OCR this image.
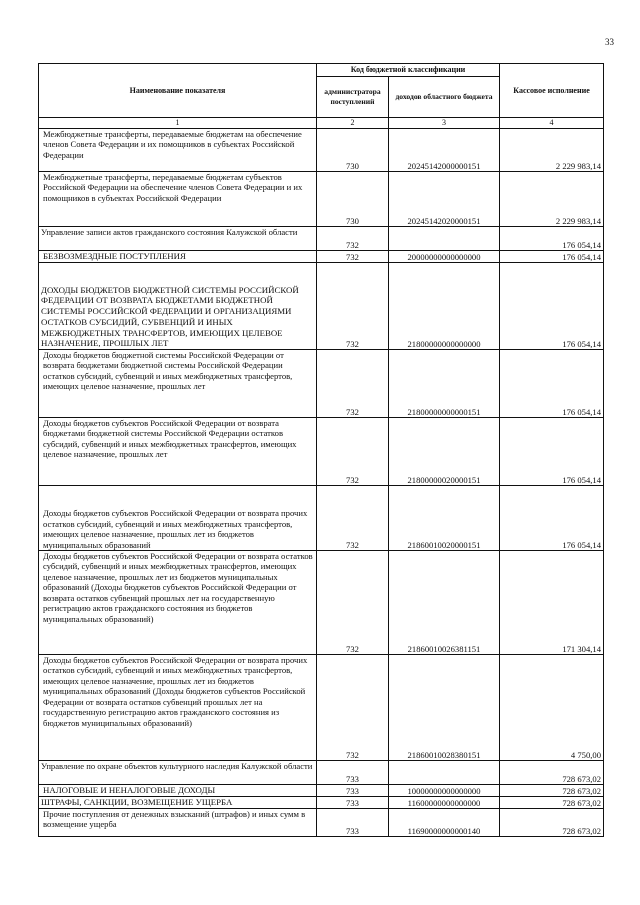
33
Наименование показателя	Код бюджетной классификации		Кассовое исполнение
	администратора поступлений	доходов областного бюджета	
1	2	3	4
Межбюджетные трансферты, передаваемые бюджетам на обеспечение членов Совета Федерации и их помощников в субъектах Российской Федерации	730	20245142000000151	2 229 983,14
Межбюджетные трансферты, передаваемые бюджетам субъектов Российской Федерации на обеспечение членов Совета Федерации и их помощников в субъектах Российской Федерации	730	20245142020000151	2 229 983,14
Управление записи актов гражданского состояния Калужской области	732		176 054,14
БЕЗВОЗМЕЗДНЫЕ ПОСТУПЛЕНИЯ	732	20000000000000000	176 054,14
ДОХОДЫ БЮДЖЕТОВ БЮДЖЕТНОЙ СИСТЕМЫ РОССИЙСКОЙ ФЕДЕРАЦИИ ОТ ВОЗВРАТА БЮДЖЕТАМИ БЮДЖЕТНОЙ СИСТЕМЫ РОССИЙСКОЙ ФЕДЕРАЦИИ И ОРГАНИЗАЦИЯМИ ОСТАТКОВ СУБСИДИЙ, СУБВЕНЦИЙ И ИНЫХ МЕЖБЮДЖЕТНЫХ ТРАНСФЕРТОВ, ИМЕЮЩИХ ЦЕЛЕВОЕ НАЗНАЧЕНИЕ, ПРОШЛЫХ ЛЕТ	732	21800000000000000	176 054,14
Доходы бюджетов бюджетной системы Российской Федерации от возврата бюджетами бюджетной системы Российской Федерации остатков субсидий, субвенций и иных межбюджетных трансфертов, имеющих целевое назначение, прошлых лет	732	21800000000000151	176 054,14
Доходы бюджетов субъектов Российской Федерации от возврата бюджетами бюджетной системы Российской Федерации остатков субсидий, субвенций и иных межбюджетных трансфертов, имеющих целевое назначение, прошлых лет	732	21800000020000151	176 054,14
Доходы бюджетов субъектов Российской Федерации от возврата прочих остатков субсидий, субвенций и иных межбюджетных трансфертов, имеющих целевое назначение, прошлых лет из бюджетов муниципальных образований	732	21860010020000151	176 054,14
Доходы бюджетов субъектов Российской Федерации от возврата остатков субсидий, субвенций и иных межбюджетных трансфертов, имеющих целевое назначение, прошлых лет из бюджетов муниципальных образований (Доходы бюджетов субъектов Российской Федерации от возврата остатков субвенций прошлых лет на государственную регистрацию актов гражданского состояния из бюджетов муниципальных образований)	732	21860010026381151	171 304,14
Доходы бюджетов субъектов Российской Федерации от возврата прочих остатков субсидий, субвенций и иных межбюджетных трансфертов, имеющих целевое назначение, прошлых лет из бюджетов муниципальных образований (Доходы бюджетов субъектов Российской Федерации от возврата остатков субвенций прошлых лет на государственную регистрацию актов гражданского состояния из бюджетов муниципальных образований)	732	21860010028380151	4 750,00
Управление по охране объектов культурного наследия Калужской области	733		728 673,02
НАЛОГОВЫЕ И НЕНАЛОГОВЫЕ ДОХОДЫ	733	10000000000000000	728 673,02
ШТРАФЫ, САНКЦИИ, ВОЗМЕЩЕНИЕ УЩЕРБА	733	11600000000000000	728 673,02
Прочие поступления от денежных взысканий (штрафов) и иных сумм в возмещение ущерба	733	11690000000000140	728 673,02
